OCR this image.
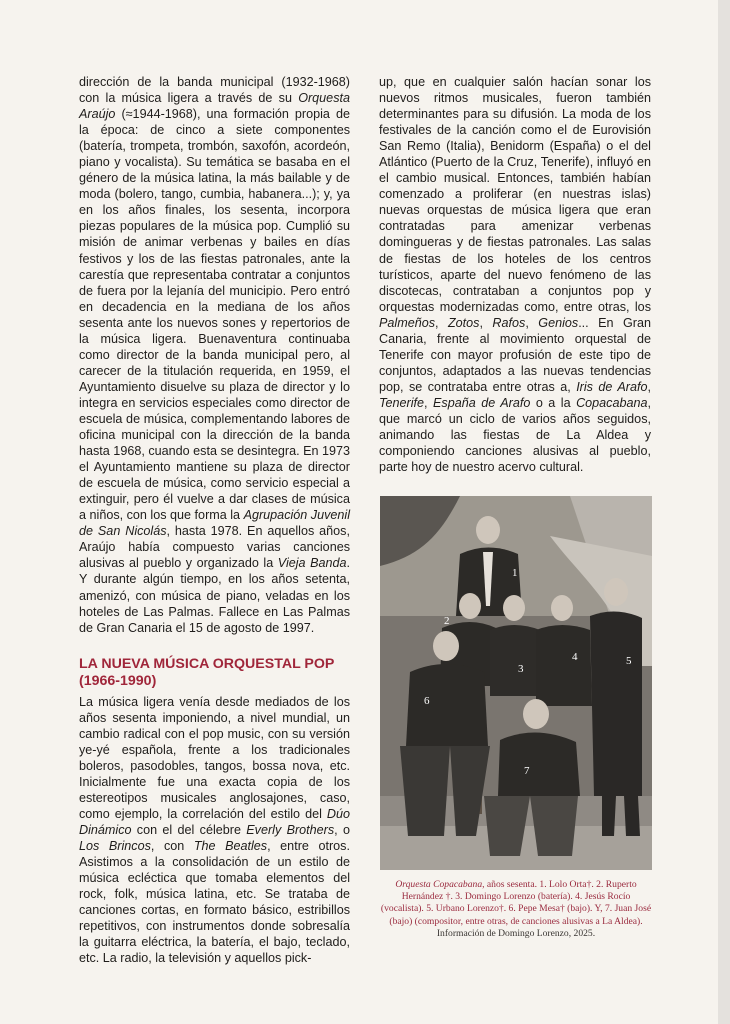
dirección de la banda municipal (1932-1968) con la música ligera a través de su Orquesta Araújo (≈1944-1968), una formación propia de la época: de cinco a siete componentes (batería, trompeta, trombón, saxofón, acordeón, piano y vocalista). Su temática se basaba en el género de la música latina, la más bailable y de moda (bolero, tango, cumbia, habanera...); y, ya en los años finales, los sesenta, incorpora piezas populares de la música pop. Cumplió su misión de animar verbenas y bailes en días festivos y los de las fiestas patronales, ante la carestía que representaba contratar a conjuntos de fuera por la lejanía del municipio. Pero entró en decadencia en la mediana de los años sesenta ante los nuevos sones y repertorios de la música ligera. Buenaventura continuaba como director de la banda municipal pero, al carecer de la titulación requerida, en 1959, el Ayuntamiento disuelve su plaza de director y lo integra en servicios especiales como director de escuela de música, complementando labores de oficina municipal con la dirección de la banda hasta 1968, cuando esta se desintegra. En 1973 el Ayuntamiento mantiene su plaza de director de escuela de música, como servicio especial a extinguir, pero él vuelve a dar clases de música a niños, con los que forma la Agrupación Juvenil de San Nicolás, hasta 1978. En aquellos años, Araújo había compuesto varias canciones alusivas al pueblo y organizado la Vieja Banda. Y durante algún tiempo, en los años setenta, amenizó, con música de piano, veladas en los hoteles de Las Palmas. Fallece en Las Palmas de Gran Canaria el 15 de agosto de 1997.

LA NUEVA MÚSICA ORQUESTAL POP (1966-1990)

La música ligera venía desde mediados de los años sesenta imponiendo, a nivel mundial, un cambio radical con el pop music, con su versión ye-yé española, frente a los tradicionales boleros, pasodobles, tangos, bossa nova, etc. Inicialmente fue una exacta copia de los estereotipos musicales anglosajones, caso, como ejemplo, la correlación del estilo del Dúo Dinámico con el del célebre Everly Brothers, o Los Brincos, con The Beatles, entre otros. Asistimos a la consolidación de un estilo de música ecléctica que tomaba elementos del rock, folk, música latina, etc. Se trataba de canciones cortas, en formato básico, estribillos repetitivos, con instrumentos donde sobresalía la guitarra eléctrica, la batería, el bajo, teclado, etc. La radio, la televisión y aquellos pick-

up, que en cualquier salón hacían sonar los nuevos ritmos musicales, fueron también determinantes para su difusión. La moda de los festivales de la canción como el de Eurovisión San Remo (Italia), Benidorm (España) o el del Atlántico (Puerto de la Cruz, Tenerife), influyó en el cambio musical. Entonces, también habían comenzado a proliferar (en nuestras islas) nuevas orquestas de música ligera que eran contratadas para amenizar verbenas domingueras y de fiestas patronales. Las salas de fiestas de los hoteles de los centros turísticos, aparte del nuevo fenómeno de las discotecas, contrataban a conjuntos pop y orquestas modernizadas como, entre otras, los Palmeños, Zotos, Rafos, Genios... En Gran Canaria, frente al movimiento orquestal de Tenerife con mayor profusión de este tipo de conjuntos, adaptados a las nuevas tendencias pop, se contrataba entre otras a, Iris de Arafo, Tenerife, España de Arafo o a la Copacabana, que marcó un ciclo de varios años seguidos, animando las fiestas de La Aldea y componiendo canciones alusivas al pueblo, parte hoy de nuestro acervo cultural.

1
2
3
4	5
6
7
Orquesta Copacabana, años sesenta. 1. Lolo Orta†. 2. Ruperto Hernández †. 3. Domingo Lorenzo (batería). 4. Jesús Rocío (vocalista). 5. Urbano Lorenzo†. 6. Pepe Mesa† (bajo). Y, 7. Juan José (bajo) (compositor, entre otras, de canciones alusivas a La Aldea).
Información de Domingo Lorenzo, 2025.
